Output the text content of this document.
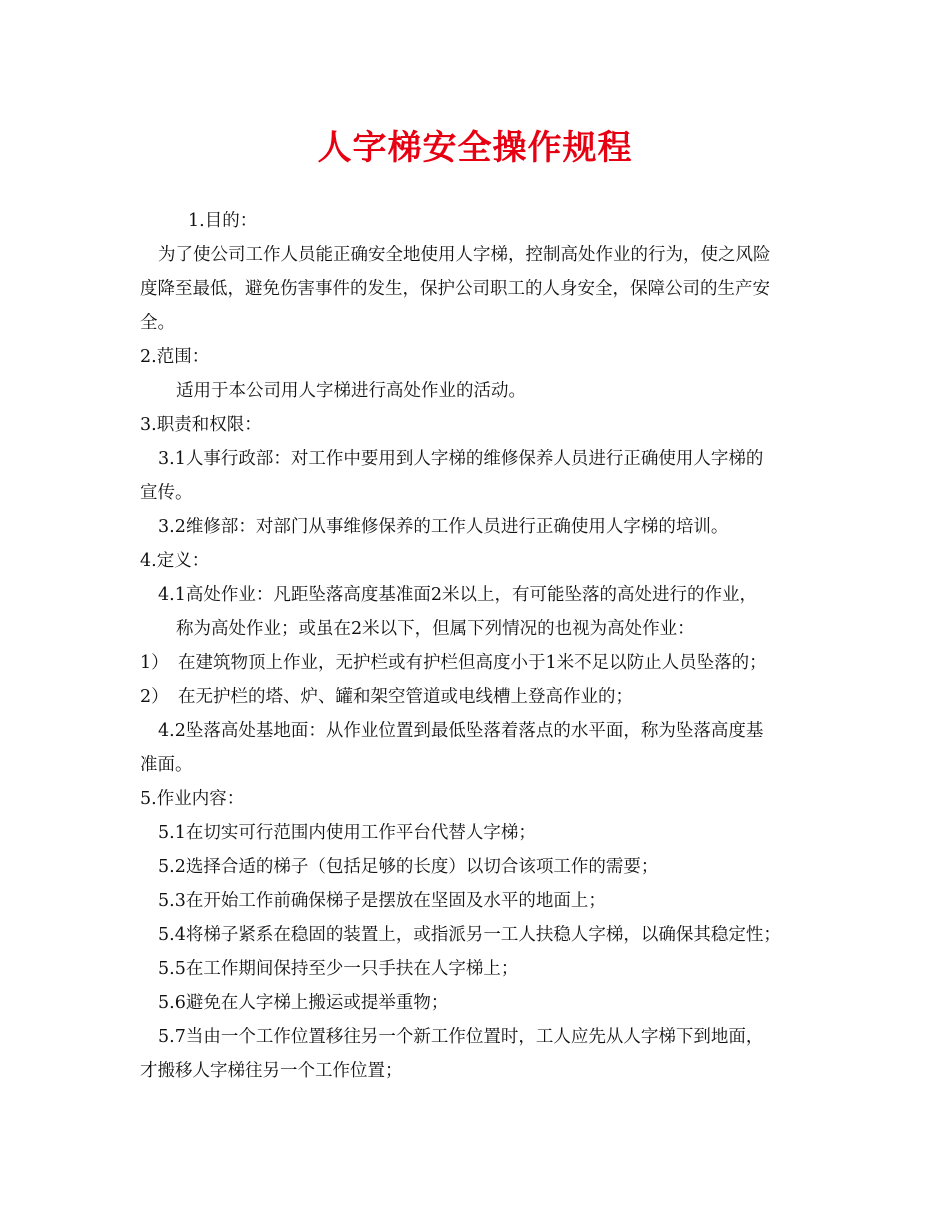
人字梯安全操作规程
1.目的：
为了使公司工作人员能正确安全地使用人字梯，控制高处作业的行为，使之风险
度降至最低，避免伤害事件的发生，保护公司职工的人身安全，保障公司的生产安
全。
2.范围：
适用于本公司用人字梯进行高处作业的活动。
3.职责和权限：
3.1人事行政部：对工作中要用到人字梯的维修保养人员进行正确使用人字梯的
宣传。
3.2维修部：对部门从事维修保养的工作人员进行正确使用人字梯的培训。
4.定义：
4.1高处作业：凡距坠落高度基准面2米以上，有可能坠落的高处进行的作业，
称为高处作业；或虽在2米以下，但属下列情况的也视为高处作业：
1） 在建筑物顶上作业，无护栏或有护栏但高度小于1米不足以防止人员坠落的；
2） 在无护栏的塔、炉、罐和架空管道或电线槽上登高作业的；
4.2坠落高处基地面：从作业位置到最低坠落着落点的水平面，称为坠落高度基
准面。
5.作业内容：
5.1在切实可行范围内使用工作平台代替人字梯；
5.2选择合适的梯子（包括足够的长度）以切合该项工作的需要；
5.3在开始工作前确保梯子是摆放在坚固及水平的地面上；
5.4将梯子紧系在稳固的装置上，或指派另一工人扶稳人字梯，以确保其稳定性；
5.5在工作期间保持至少一只手扶在人字梯上；
5.6避免在人字梯上搬运或提举重物；
5.7当由一个工作位置移往另一个新工作位置时，工人应先从人字梯下到地面，
才搬移人字梯往另一个工作位置；
